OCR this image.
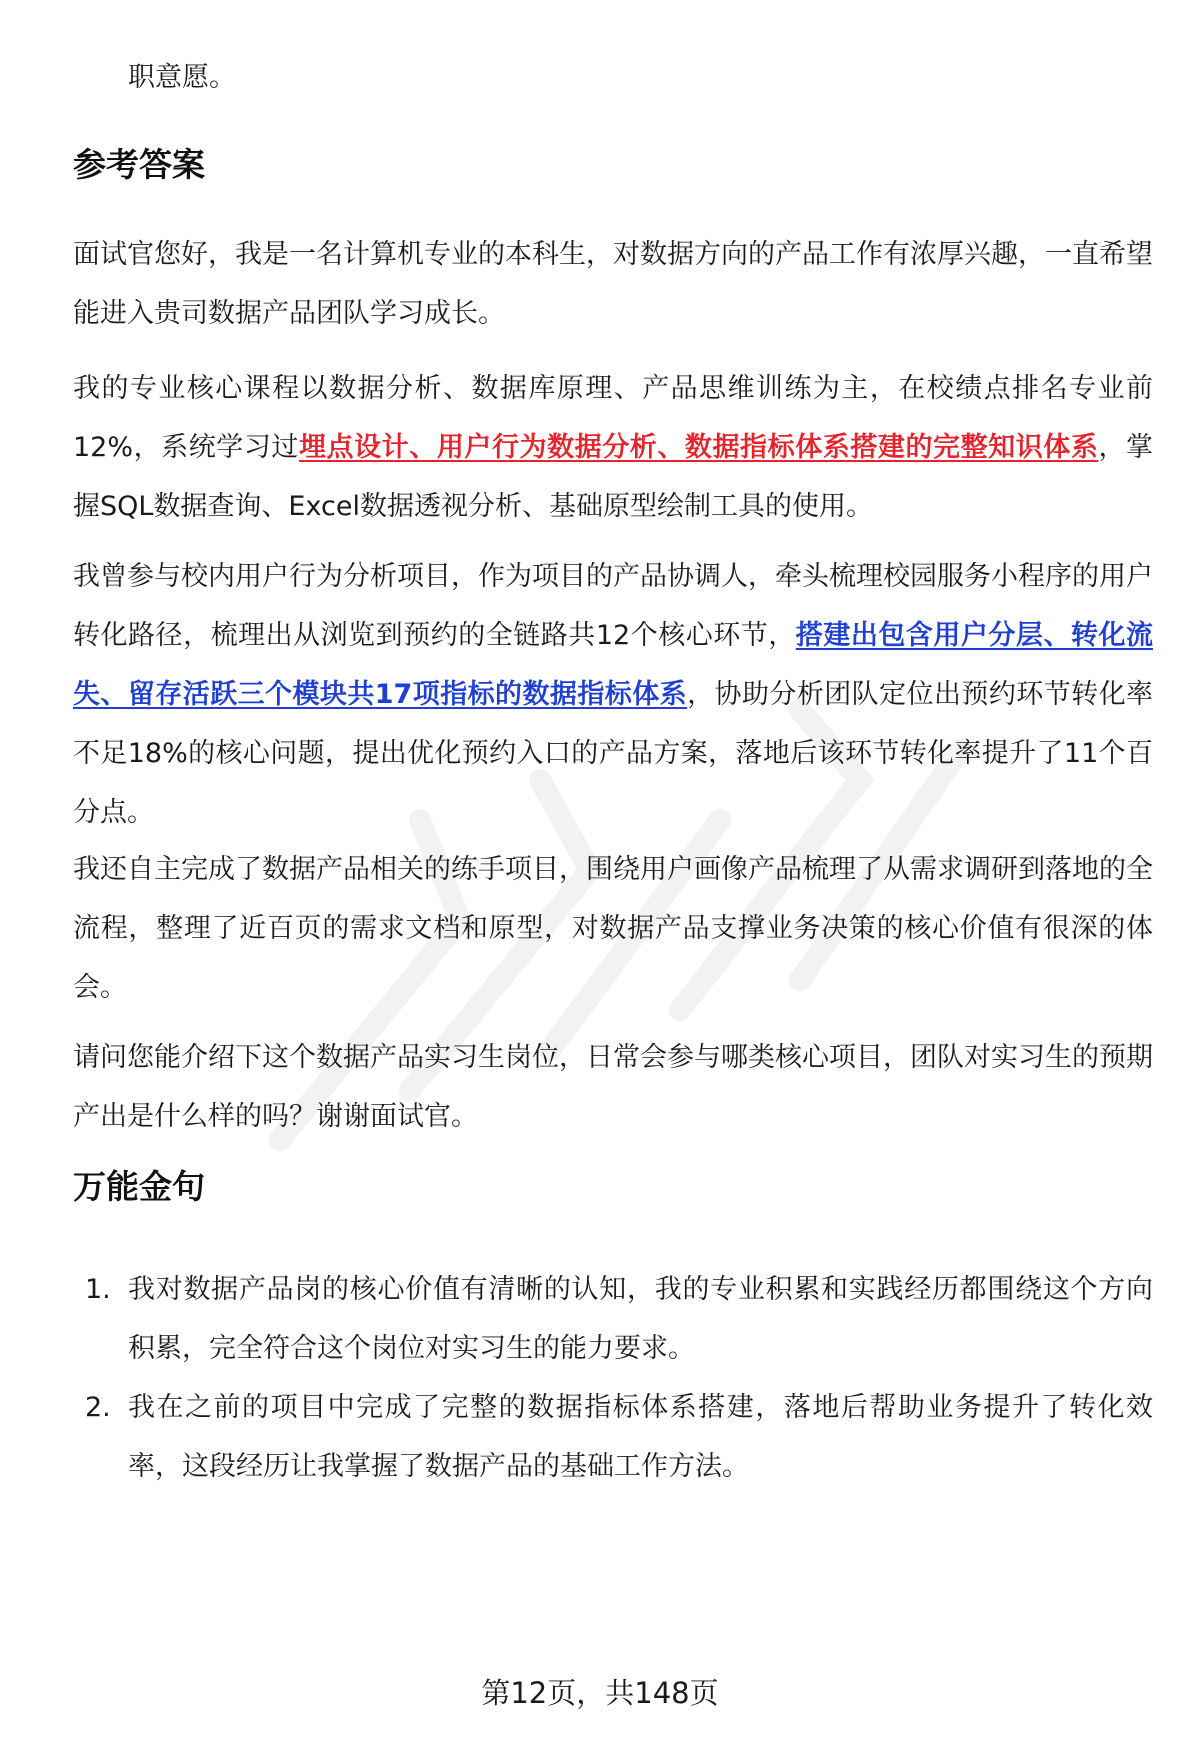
职意愿。

参考答案

面试官您好，我是一名计算机专业的本科生，对数据方向的产品工作有浓厚兴趣，一直希望能进入贵司数据产品团队学习成长。

我的专业核心课程以数据分析、数据库原理、产品思维训练为主，在校绩点排名专业前12%，系统学习过埋点设计、用户行为数据分析、数据指标体系搭建的完整知识体系，掌握SQL数据查询、Excel数据透视分析、基础原型绘制工具的使用。

我曾参与校内用户行为分析项目，作为项目的产品协调人，牵头梳理校园服务小程序的用户转化路径，梳理出从浏览到预约的全链路共12个核心环节，搭建出包含用户分层、转化流失、留存活跃三个模块共17项指标的数据指标体系，协助分析团队定位出预约环节转化率不足18%的核心问题，提出优化预约入口的产品方案，落地后该环节转化率提升了11个百分点。

我还自主完成了数据产品相关的练手项目，围绕用户画像产品梳理了从需求调研到落地的全流程，整理了近百页的需求文档和原型，对数据产品支撑业务决策的核心价值有很深的体会。

请问您能介绍下这个数据产品实习生岗位，日常会参与哪类核心项目，团队对实习生的预期产出是什么样的吗？谢谢面试官。

万能金句
1. 我对数据产品岗的核心价值有清晰的认知，我的专业积累和实践经历都围绕这个方向积累，完全符合这个岗位对实习生的能力要求。
2. 我在之前的项目中完成了完整的数据指标体系搭建，落地后帮助业务提升了转化效率，这段经历让我掌握了数据产品的基础工作方法。

第12页，共148页
